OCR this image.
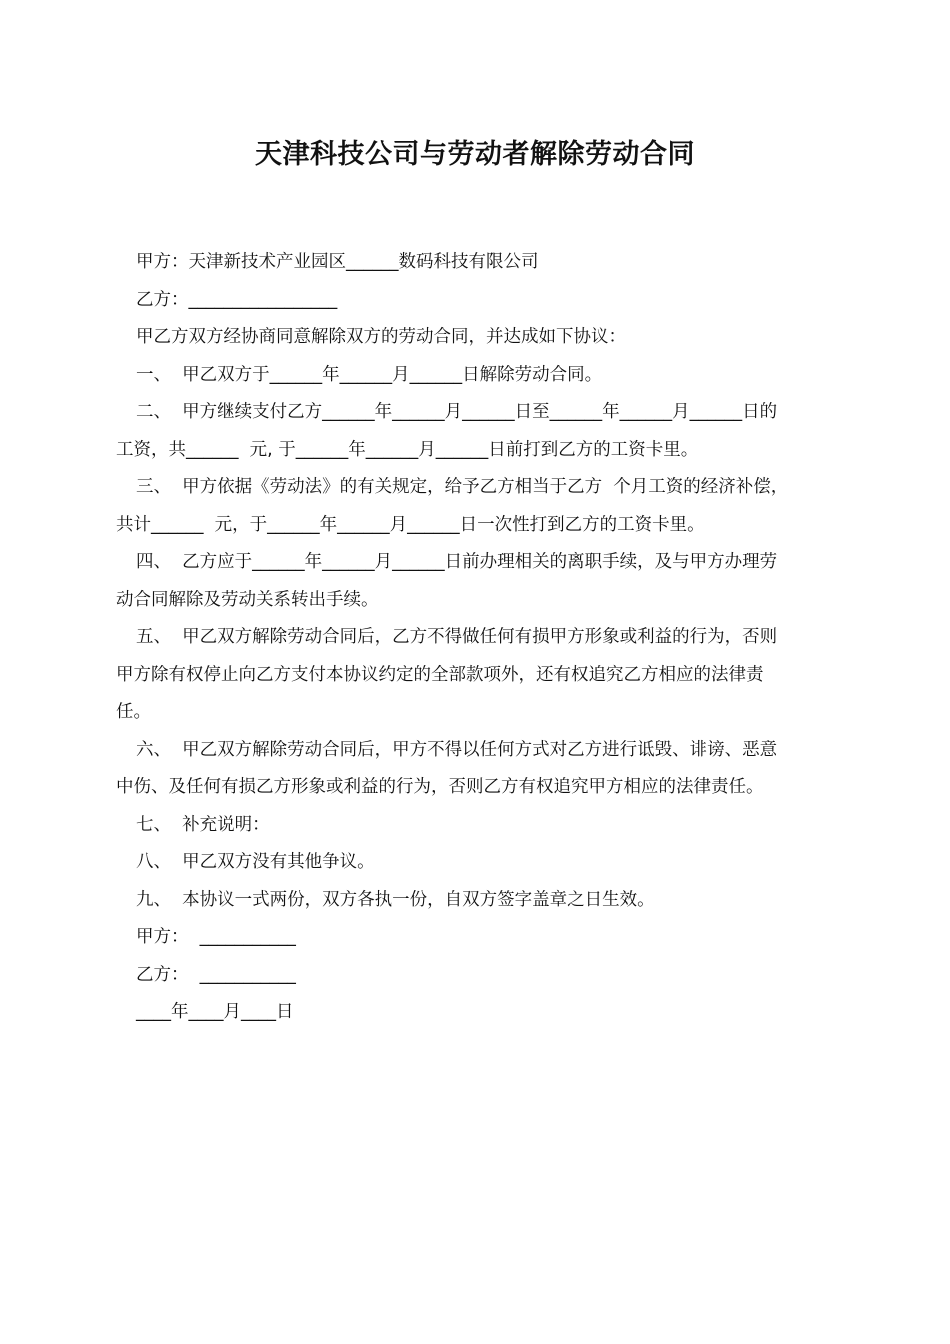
天津科技公司与劳动者解除劳动合同
甲方：天津新技术产业园区______数码科技有限公司
乙方：_________________
甲乙方双方经协商同意解除双方的劳动合同，并达成如下协议：
一、  甲乙双方于______年______月______日解除劳动合同。
二、  甲方继续支付乙方______年______月______日至______年______月______日的
工资，共______  元, 于______年______月______日前打到乙方的工资卡里。
三、  甲方依据《劳动法》的有关规定，给予乙方相当于乙方  个月工资的经济补偿，
共计______  元，于______年______月______日一次性打到乙方的工资卡里。
四、  乙方应于______年______月______日前办理相关的离职手续，及与甲方办理劳
动合同解除及劳动关系转出手续。
五、  甲乙双方解除劳动合同后，乙方不得做任何有损甲方形象或利益的行为，否则
甲方除有权停止向乙方支付本协议约定的全部款项外，还有权追究乙方相应的法律责
任。
六、  甲乙双方解除劳动合同后，甲方不得以任何方式对乙方进行诋毁、诽谤、恶意
中伤、及任何有损乙方形象或利益的行为，否则乙方有权追究甲方相应的法律责任。
七、  补充说明：
八、  甲乙双方没有其他争议。
九、  本协议一式两份，双方各执一份，自双方签字盖章之日生效。
甲方：  ___________
乙方：  ___________
____年____月____日
